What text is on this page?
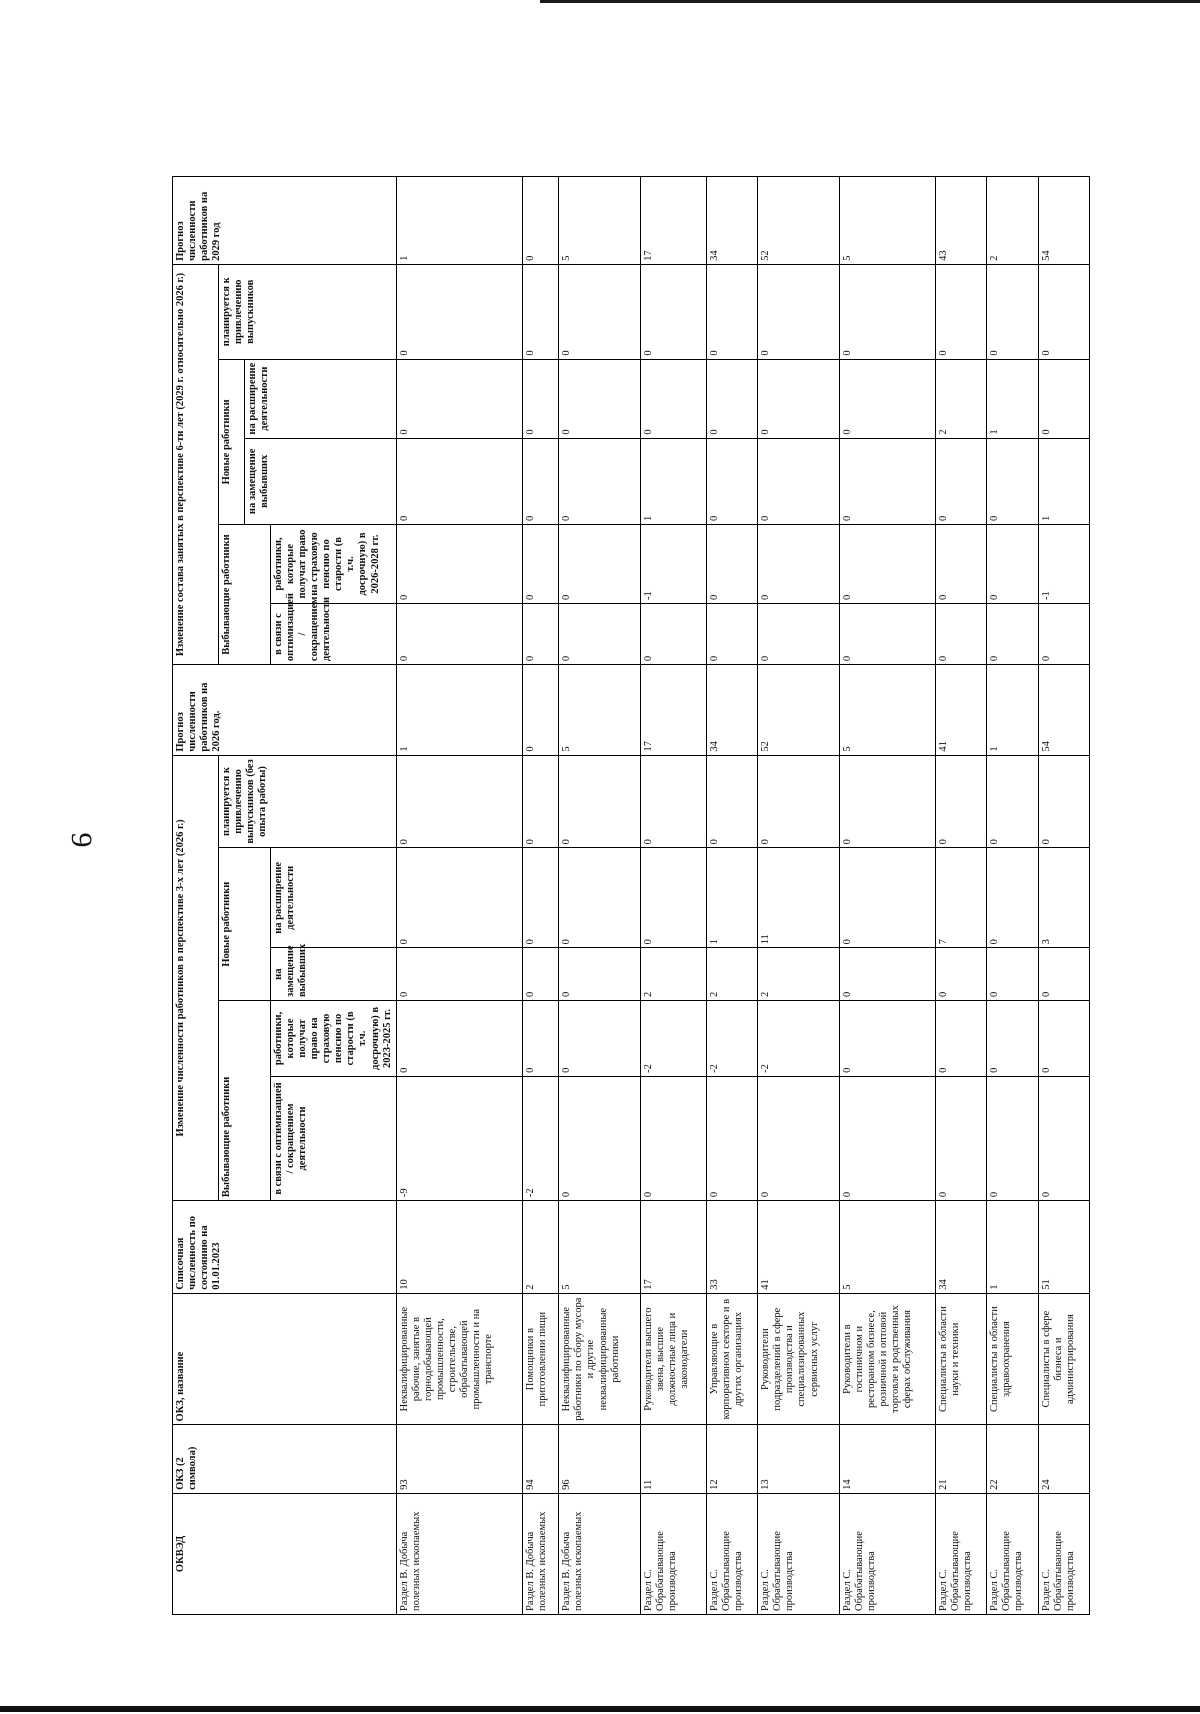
9
ОКВЭД	ОКЗ (2 символа)	ОКЗ, название	Списочная численность по состоянию на 01.01.2023	Изменение численности работников в перспективе 3-х лет (2026 г.)					Прогноз численности работников на 2026 год.	Изменение состава занятых в перспективе 6-ти лет (2029 г. относительно 2026 г.)					Прогноз численности работников на 2029 год
				Выбывающие работники		Новые работники		планируется к привлечению выпускников (без опыта работы)		Выбывающие работники		Новые работники		планируется к привлечению выпускников	
												на замещение выбывших	на расширение деятельности		
				в связи с оптимизацией / сокращением деятельности	работники, которые получат право на страховую пенсию по старости (в т.ч. досрочную) в 2023-2025 гг.	на замещение выбывших	на расширение деятельности			в связи с оптимизацией / сокращением деятельности	работники, которые получат право на страховую пенсию по старости (в т.ч. досрочную) в 2026-2028 гг.				
Раздел B. Добыча полезных ископаемых	93	Неквалифицированные рабочие, занятые в горнодобывающей промышленности, строительстве, обрабатывающей промышленности и на транспорте	10	-9	0	0	0	0	1	0	0	0	0	0	1
Раздел B. Добыча полезных ископаемых	94	Помощники в приготовлении пищи	2	-2	0	0	0	0	0	0	0	0	0	0	0
Раздел B. Добыча полезных ископаемых	96	Неквалифицированные работники по сбору мусора и другие неквалифицированные работники	5	0	0	0	0	0	5	0	0	0	0	0	5
Раздел C. Обрабатывающие производства	11	Руководители высшего звена, высшие должностные лица и законодатели	17	0	-2	2	0	0	17	0	-1	1	0	0	17
Раздел C. Обрабатывающие производства	12	Управляющие в корпоративном секторе и в других организациях	33	0	-2	2	1	0	34	0	0	0	0	0	34
Раздел C. Обрабатывающие производства	13	Руководители подразделений в сфере производства и специализированных сервисных услуг	41	0	-2	2	11	0	52	0	0	0	0	0	52
Раздел C. Обрабатывающие производства	14	Руководители в гостиничном и ресторанном бизнесе, розничной и оптовой торговле и родственных сферах обслуживания	5	0	0	0	0	0	5	0	0	0	0	0	5
Раздел C. Обрабатывающие производства	21	Специалисты в области науки и техники	34	0	0	0	7	0	41	0	0	0	2	0	43
Раздел C. Обрабатывающие производства	22	Специалисты в области здравоохранения	1	0	0	0	0	0	1	0	0	0	1	0	2
Раздел C. Обрабатывающие производства	24	Специалисты в сфере бизнеса и администрирования	51	0	0	0	3	0	54	0	-1	1	0	0	54
